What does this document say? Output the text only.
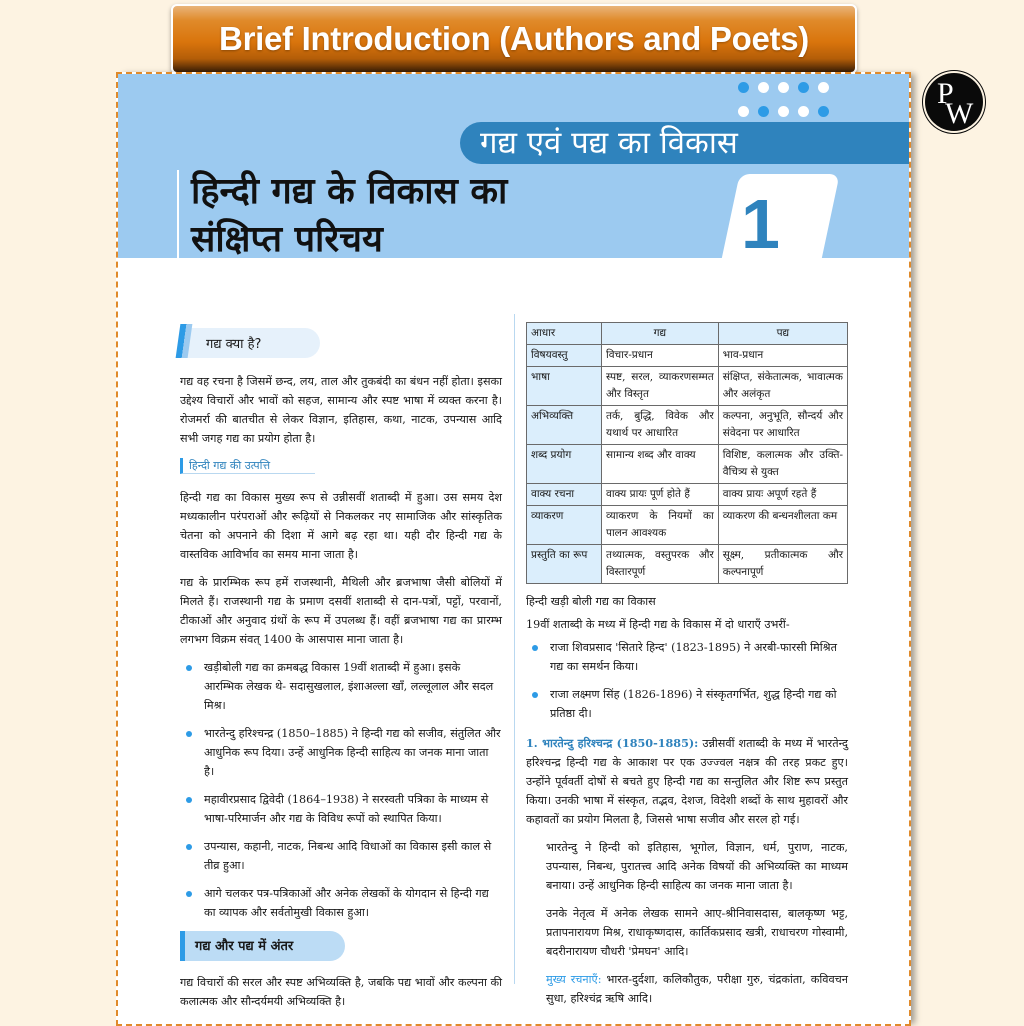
Brief Introduction (Authors and Poets)
P
W
गद्य एवं पद्य का विकास
हिन्दी गद्य के विकास का
संक्षिप्त परिचय	1
गद्य क्या है?

गद्य वह रचना है जिसमें छन्द, लय, ताल और तुकबंदी का बंधन नहीं होता। इसका उद्देश्य विचारों और भावों को सहज, सामान्य और स्पष्ट भाषा में व्यक्त करना है। रोजमर्रा की बातचीत से लेकर विज्ञान, इतिहास, कथा, नाटक, उपन्यास आदि सभी जगह गद्य का प्रयोग होता है।

हिन्दी गद्य की उत्पत्ति

हिन्दी गद्य का विकास मुख्य रूप से उन्नीसवीं शताब्दी में हुआ। उस समय देश मध्यकालीन परंपराओं और रूढ़ियों से निकलकर नए सामाजिक और सांस्कृतिक चेतना को अपनाने की दिशा में आगे बढ़ रहा था। यही दौर हिन्दी गद्य के वास्तविक आविर्भाव का समय माना जाता है।

गद्य के प्रारम्भिक रूप हमें राजस्थानी, मैथिली और ब्रजभाषा जैसी बोलियों में मिलते हैं। राजस्थानी गद्य के प्रमाण दसवीं शताब्दी से दान-पत्रों, पट्टों, परवानों, टीकाओं और अनुवाद ग्रंथों के रूप में उपलब्ध हैं। वहीं ब्रजभाषा गद्य का प्रारम्भ लगभग विक्रम संवत् 1400 के आसपास माना जाता है।

खड़ीबोली गद्य का क्रमबद्ध विकास 19वीं शताब्दी में हुआ। इसके आरम्भिक लेखक थे- सदासुखलाल, इंशाअल्ला खाँ, लल्लूलाल और सदल मिश्र।
भारतेन्दु हरिश्चन्द्र (1850–1885) ने हिन्दी गद्य को सजीव, संतुलित और आधुनिक रूप दिया। उन्हें आधुनिक हिन्दी साहित्य का जनक माना जाता है।
महावीरप्रसाद द्विवेदी (1864–1938) ने सरस्वती पत्रिका के माध्यम से भाषा-परिमार्जन और गद्य के विविध रूपों को स्थापित किया।
उपन्यास, कहानी, नाटक, निबन्ध आदि विधाओं का विकास इसी काल से तीव्र हुआ।
आगे चलकर पत्र-पत्रिकाओं और अनेक लेखकों के योगदान से हिन्दी गद्य का व्यापक और सर्वतोमुखी विकास हुआ।
गद्य और पद्य में अंतर

गद्य विचारों की सरल और स्पष्ट अभिव्यक्ति है, जबकि पद्य भावों और कल्पना की कलात्मक और सौन्दर्यमयी अभिव्यक्ति है।

आधार	गद्य	पद्य
विषयवस्तु	विचार-प्रधान	भाव-प्रधान
भाषा	स्पष्ट, सरल, व्याकरणसम्मत और विस्तृत	संक्षिप्त, संकेतात्मक, भावात्मक और अलंकृत
अभिव्यक्ति	तर्क, बुद्धि, विवेक और यथार्थ पर आधारित	कल्पना, अनुभूति, सौन्दर्य और संवेदना पर आधारित
शब्द प्रयोग	सामान्य शब्द और वाक्य	विशिष्ट, कलात्मक और उक्ति-वैचित्र्य से युक्त
वाक्य रचना	वाक्य प्रायः पूर्ण होते हैं	वाक्य प्रायः अपूर्ण रहते हैं
व्याकरण	व्याकरण के नियमों का पालन आवश्यक	व्याकरण की बन्धनशीलता कम
प्रस्तुति का रूप	तथ्यात्मक, वस्तुपरक और विस्तारपूर्ण	सूक्ष्म, प्रतीकात्मक और कल्पनापूर्ण

हिन्दी खड़ी बोली गद्य का विकास

19वीं शताब्दी के मध्य में हिन्दी गद्य के विकास में दो धाराएँ उभरीं-

राजा शिवप्रसाद 'सितारे हिन्द' (1823-1895) ने अरबी-फारसी मिश्रित गद्य का समर्थन किया।
राजा लक्ष्मण सिंह (1826-1896) ने संस्कृतगर्भित, शुद्ध हिन्दी गद्य को प्रतिष्ठा दी।

1. भारतेन्दु हरिश्चन्द्र (1850-1885): उन्नीसवीं शताब्दी के मध्य में भारतेन्दु हरिश्चन्द्र हिन्दी गद्य के आकाश पर एक उज्ज्वल नक्षत्र की तरह प्रकट हुए। उन्होंने पूर्ववर्ती दोषों से बचते हुए हिन्दी गद्य का सन्तुलित और शिष्ट रूप प्रस्तुत किया। उनकी भाषा में संस्कृत, तद्भव, देशज, विदेशी शब्दों के साथ मुहावरों और कहावतों का प्रयोग मिलता है, जिससे भाषा सजीव और सरल हो गई।

भारतेन्दु ने हिन्दी को इतिहास, भूगोल, विज्ञान, धर्म, पुराण, नाटक, उपन्यास, निबन्ध, पुरातत्त्व आदि अनेक विषयों की अभिव्यक्ति का माध्यम बनाया। उन्हें आधुनिक हिन्दी साहित्य का जनक माना जाता है।

उनके नेतृत्व में अनेक लेखक सामने आए-श्रीनिवासदास, बालकृष्ण भट्ट, प्रतापनारायण मिश्र, राधाकृष्णदास, कार्तिकप्रसाद खत्री, राधाचरण गोस्वामी, बदरीनारायण चौधरी 'प्रेमघन' आदि।

मुख्य रचनाएँ: भारत-दुर्दशा, कलिकौतुक, परीक्षा गुरु, चंद्रकांता, कविवचन सुधा, हरिश्चंद्र ऋषि आदि।
